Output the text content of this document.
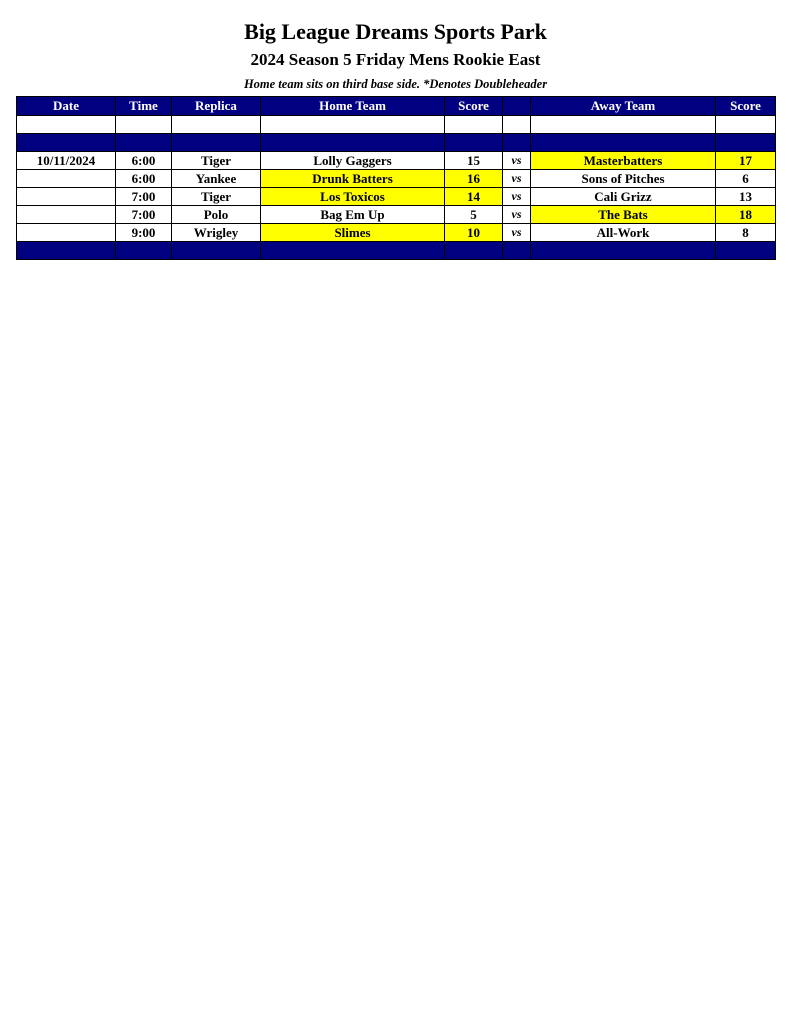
Big League Dreams Sports Park
2024 Season 5 Friday Mens Rookie East
Home team sits on third base side. *Denotes Doubleheader
Date	Time	Replica	Home Team	Score		Away Team	Score

10/11/2024	6:00	Tiger	Lolly Gaggers	15	vs	Masterbatters	17
	6:00	Yankee	Drunk Batters	16	vs	Sons of Pitches	6
	7:00	Tiger	Los Toxicos	14	vs	Cali Grizz	13
	7:00	Polo	Bag Em Up	5	vs	The Bats	18
	9:00	Wrigley	Slimes	10	vs	All-Work	8
